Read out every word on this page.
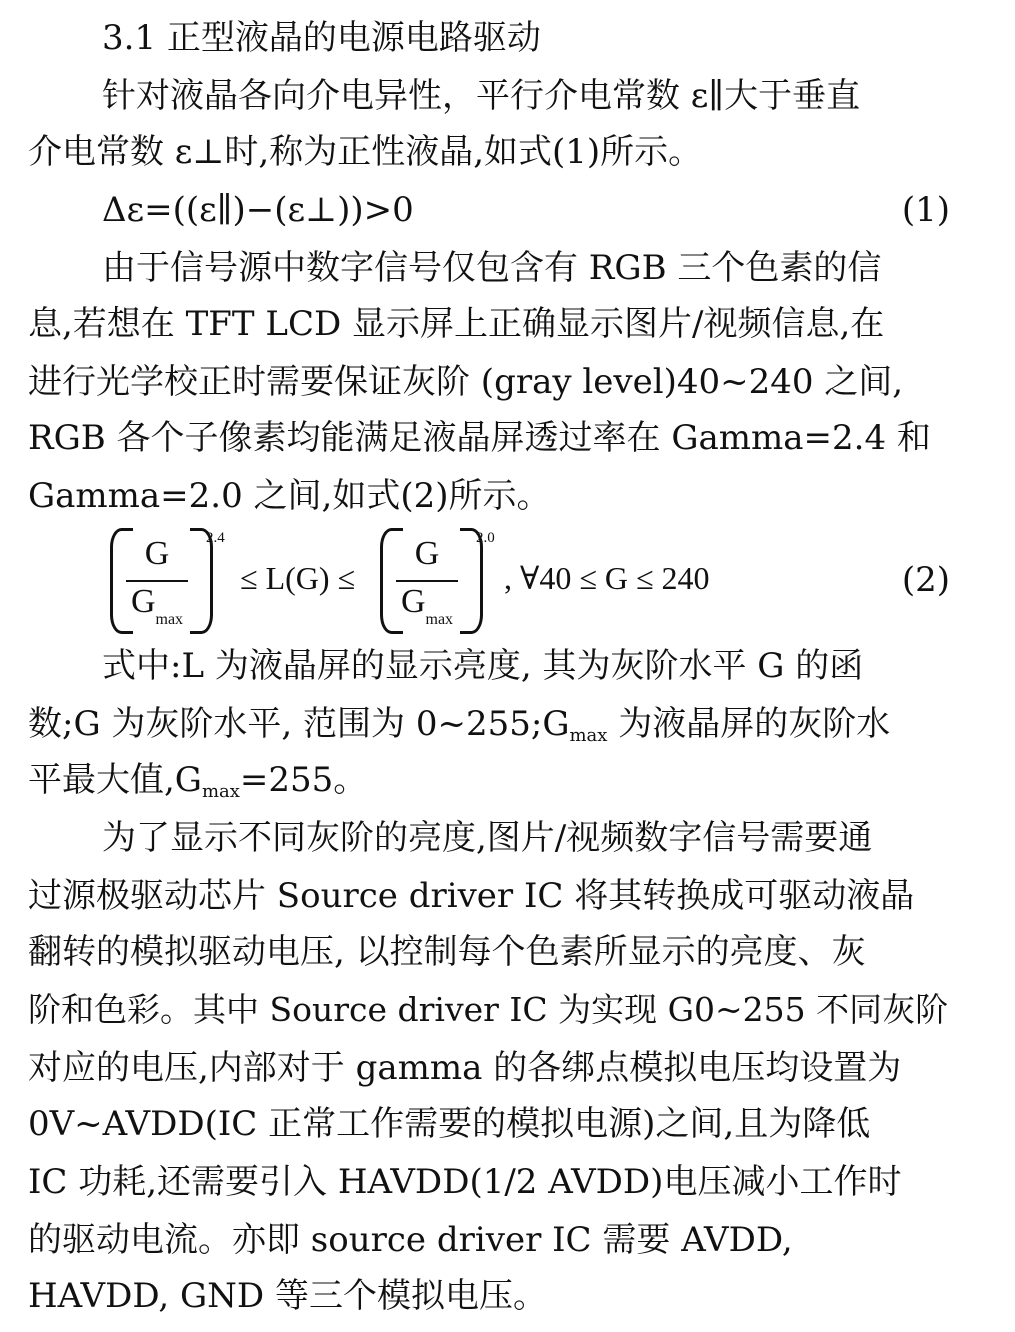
3.1 正型液晶的电源电路驱动
针对液晶各向介电异性，平行介电常数 ε∥大于垂直
介电常数 ε⊥时,称为正性液晶,如式(1)所示。
Δε=((ε∥)−(ε⊥))>0	(1)
由于信号源中数字信号仅包含有 RGB 三个色素的信
息,若想在 TFT LCD 显示屏上正确显示图片/视频信息,在
进行光学校正时需要保证灰阶 (gray level)40~240 之间,
RGB 各个子像素均能满足液晶屏透过率在 Gamma=2.4 和
Gamma=2.0 之间,如式(2)所示。
G
$G_{max}$
2.4
≤ L(G) ≤
G
$G_{max}$
2.0
, ∀40 ≤ G ≤ 240	(2)
式中:L 为液晶屏的显示亮度, 其为灰阶水平 G 的函
数;G 为灰阶水平, 范围为 $0\sim 255;G_{max}$ 为液晶屏的灰阶水
平最大值$,G_{max}=255$。
为了显示不同灰阶的亮度,图片/视频数字信号需要通
过源极驱动芯片 Source driver IC 将其转换成可驱动液晶
翻转的模拟驱动电压, 以控制每个色素所显示的亮度、灰
阶和色彩。其中 Source driver IC 为实现 G0~255 不同灰阶
对应的电压,内部对于 gamma 的各绑点模拟电压均设置为
0V~AVDD(IC 正常工作需要的模拟电源)之间,且为降低
IC 功耗,还需要引入 HAVDD(1/2 AVDD)电压减小工作时
的驱动电流。亦即 source driver IC 需要 AVDD,
HAVDD, GND 等三个模拟电压。
